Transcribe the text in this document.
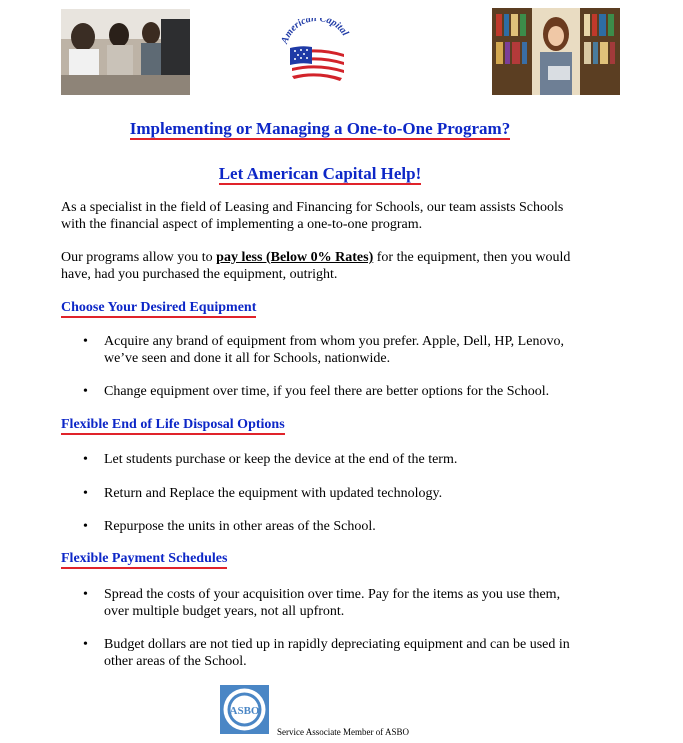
American Capital
Implementing or Managing a One-to-One Program?
Let American Capital Help!
As a specialist in the field of Leasing and Financing for Schools, our team assists Schools with the financial aspect of implementing a one-to-one program.
Our programs allow you to pay less (Below 0% Rates) for the equipment, then you would have, had you purchased the equipment, outright.
Choose Your Desired Equipment
• Acquire any brand of equipment from whom you prefer. Apple, Dell, HP, Lenovo, we’ve seen and done it all for Schools, nationwide.
• Change equipment over time, if you feel there are better options for the School.
Flexible End of Life Disposal Options
• Let students purchase or keep the device at the end of the term.
• Return and Replace the equipment with updated technology.
• Repurpose the units in other areas of the School.
Flexible Payment Schedules
• Spread the costs of your acquisition over time. Pay for the items as you use them, over multiple budget years, not all upfront.
• Budget dollars are not tied up in rapidly depreciating equipment and can be used in other areas of the School.
ASBO
Service Associate Member of ASBO
